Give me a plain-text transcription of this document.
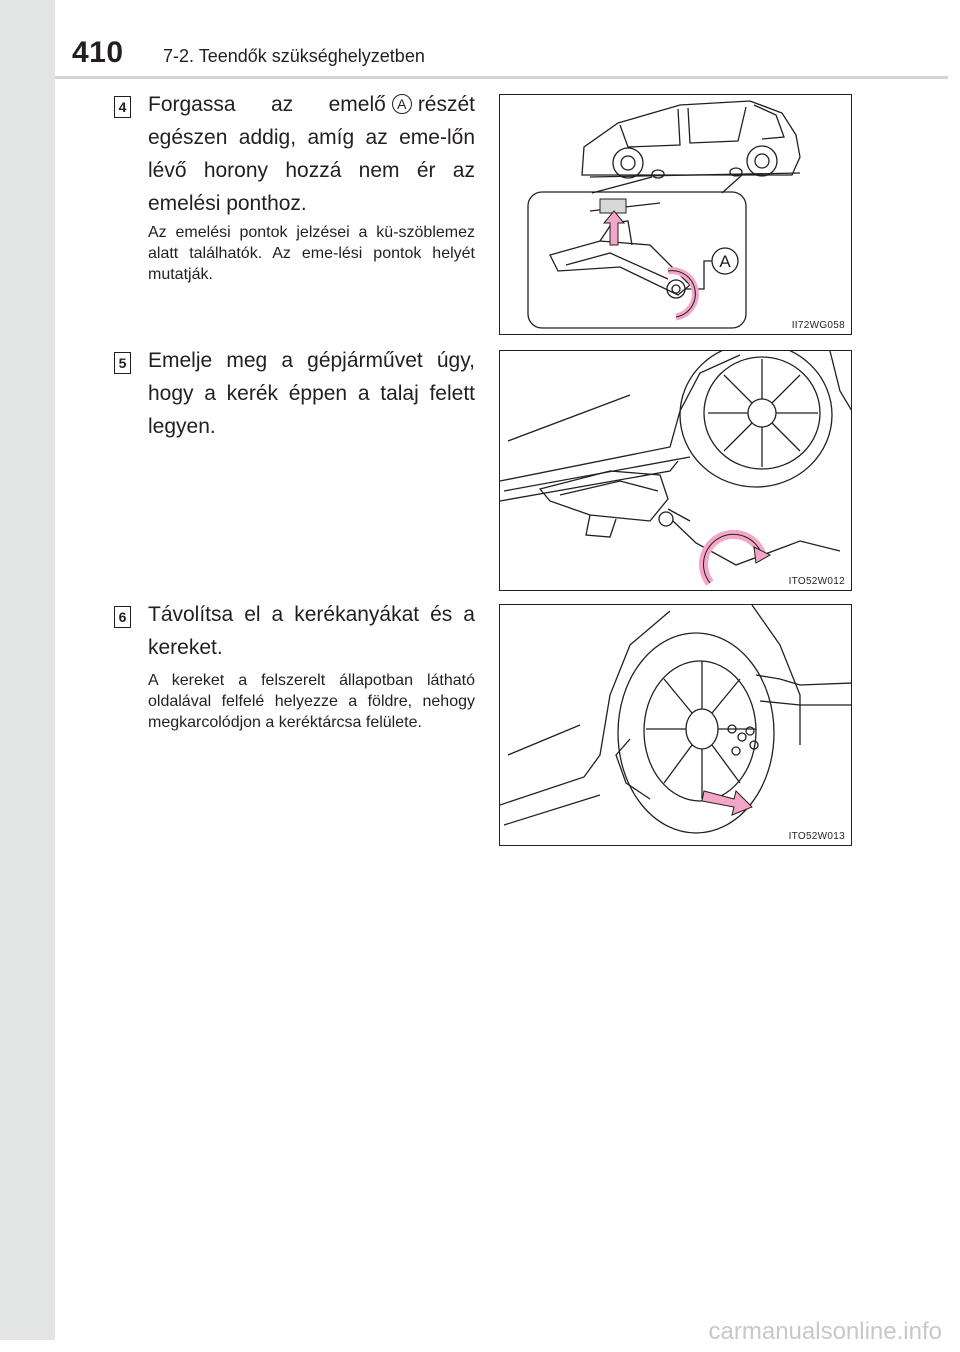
410 7-2. Teendők szükséghelyzetben
4 Forgassa az emelő A részét egészen addig, amíg az eme-lőn lévő horony hozzá nem ér az emelési ponthoz.

Az emelési pontok jelzései a kü-szöblemez alatt találhatók. Az eme-lési pontok helyét mutatják.

A
II72WG058
5 Emelje meg a gépjárművet úgy, hogy a kerék éppen a talaj felett legyen.

ITO52W012
6 Távolítsa el a kerékanyákat és a kereket.

A kereket a felszerelt állapotban látható oldalával felfelé helyezze a földre, nehogy megkarcolódjon a keréktárcsa felülete.

ITO52W013
carmanualsonline.info
